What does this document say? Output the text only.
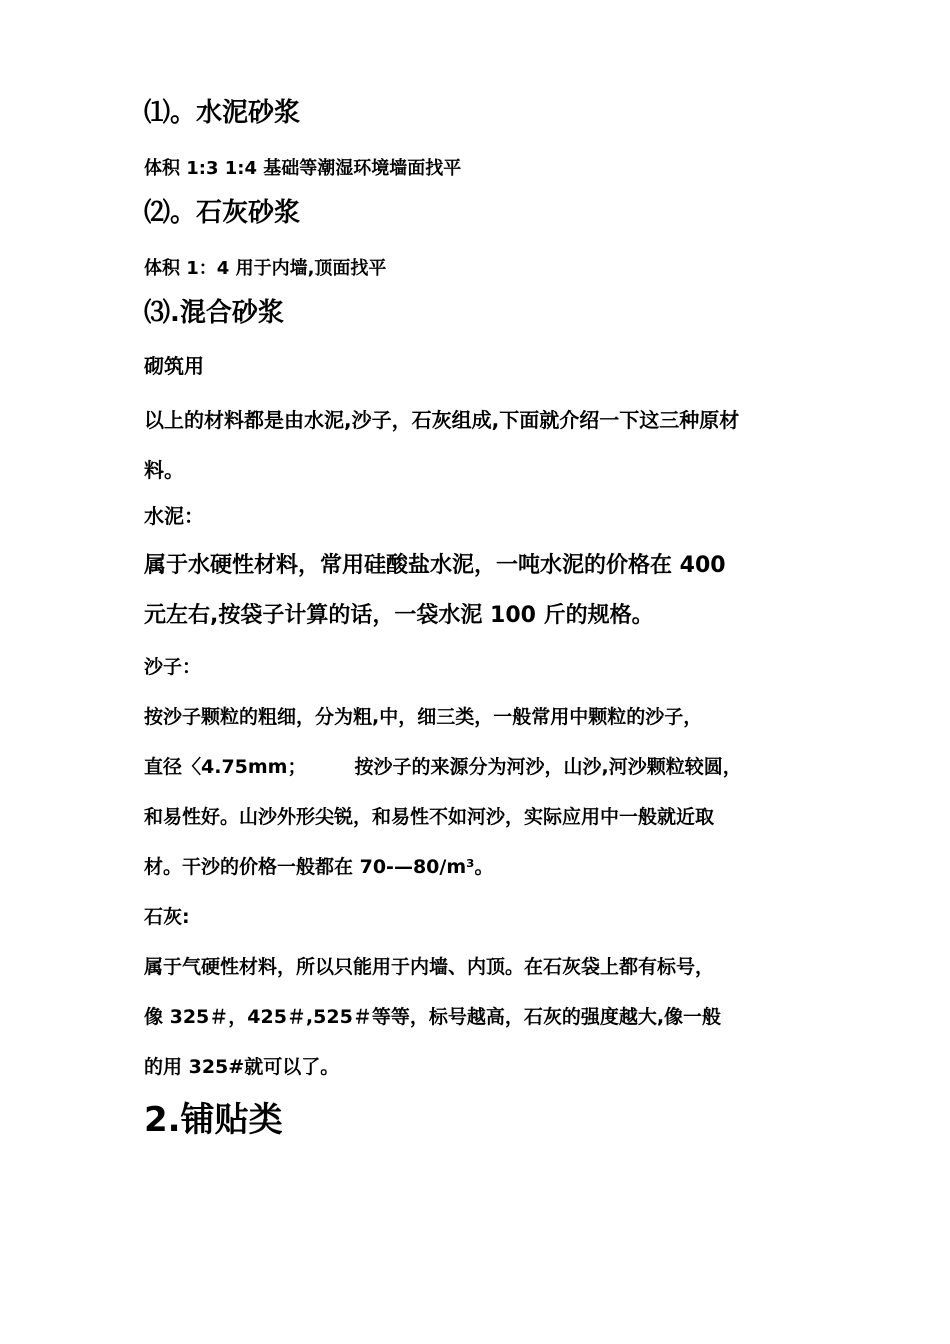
⑴。水泥砂浆

体积 1:3 1:4 基础等潮湿环境墙面找平

⑵。石灰砂浆

体积 1：4 用于内墙,顶面找平

⑶.混合砂浆

砌筑用

以上的材料都是由水泥,沙子，石灰组成,下面就介绍一下这三种原材

料。

水泥：

属于水硬性材料，常用硅酸盐水泥，一吨水泥的价格在 400

元左右,按袋子计算的话，一袋水泥 100 斤的规格。

沙子：

按沙子颗粒的粗细，分为粗,中，细三类，一般常用中颗粒的沙子，

直径〈4.75mm；	按沙子的来源分为河沙，山沙,河沙颗粒较圆，

和易性好。山沙外形尖锐，和易性不如河沙，实际应用中一般就近取

材。干沙的价格一般都在 70-—80/m³。

石灰:

属于气硬性材料，所以只能用于内墙、内顶。在石灰袋上都有标号，

像 325＃，425＃,525＃等等，标号越高，石灰的强度越大,像一般

的用 325#就可以了。

2.铺贴类
